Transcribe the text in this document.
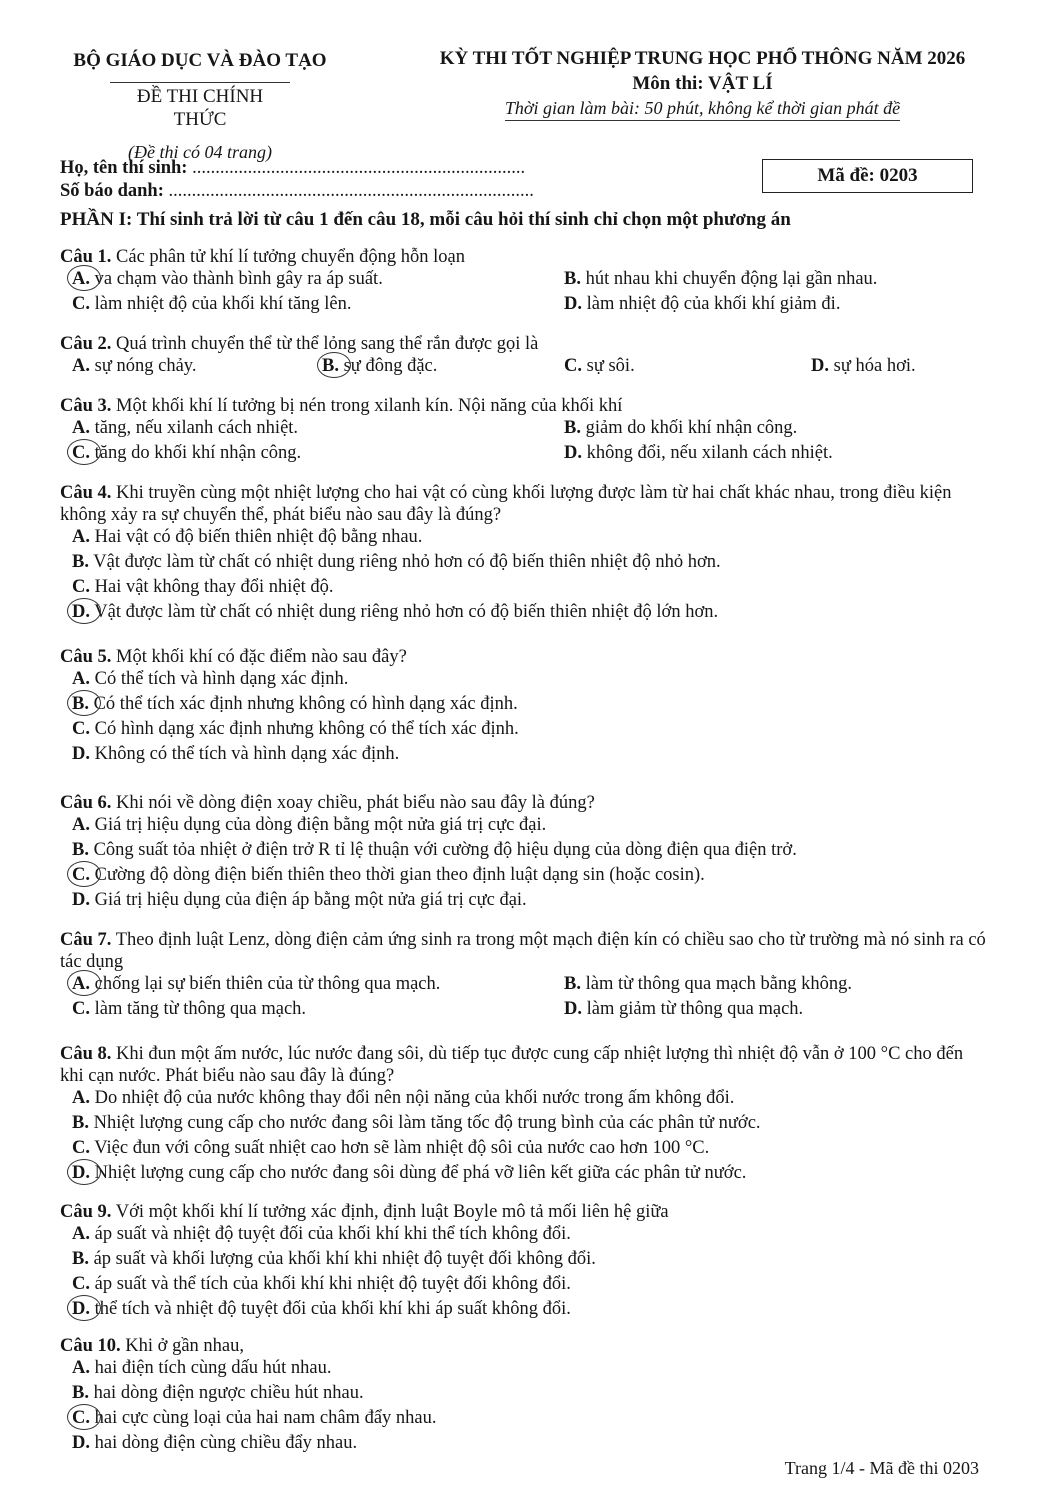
BỘ GIÁO DỤC VÀ ĐÀO TẠO
ĐỀ THI CHÍNH THỨC
(Đề thi có 04 trang)
KỲ THI TỐT NGHIỆP TRUNG HỌC PHỔ THÔNG NĂM 2026
Môn thi: VẬT LÍ
Thời gian làm bài: 50 phút, không kể thời gian phát đề
Họ, tên thí sinh: ........................................................................
Số báo danh: ...............................................................................
Mã đề: 0203
PHẦN I: Thí sinh trả lời từ câu 1 đến câu 18, mỗi câu hỏi thí sinh chỉ chọn một phương án
Câu 1. Các phân tử khí lí tưởng chuyển động hỗn loạn
A. va chạm vào thành bình gây ra áp suất.	B. hút nhau khi chuyển động lại gần nhau.
C. làm nhiệt độ của khối khí tăng lên.	D. làm nhiệt độ của khối khí giảm đi.
Câu 2. Quá trình chuyển thể từ thể lỏng sang thể rắn được gọi là
A. sự nóng chảy.	B. sự đông đặc.	C. sự sôi.	D. sự hóa hơi.
Câu 3. Một khối khí lí tưởng bị nén trong xilanh kín. Nội năng của khối khí
A. tăng, nếu xilanh cách nhiệt.	B. giảm do khối khí nhận công.
C. tăng do khối khí nhận công.	D. không đổi, nếu xilanh cách nhiệt.
Câu 4. Khi truyền cùng một nhiệt lượng cho hai vật có cùng khối lượng được làm từ hai chất khác nhau, trong điều kiện không xảy ra sự chuyển thể, phát biểu nào sau đây là đúng?
A. Hai vật có độ biến thiên nhiệt độ bằng nhau.
B. Vật được làm từ chất có nhiệt dung riêng nhỏ hơn có độ biến thiên nhiệt độ nhỏ hơn.
C. Hai vật không thay đổi nhiệt độ.
D. Vật được làm từ chất có nhiệt dung riêng nhỏ hơn có độ biến thiên nhiệt độ lớn hơn.
Câu 5. Một khối khí có đặc điểm nào sau đây?
A. Có thể tích và hình dạng xác định.
B. Có thể tích xác định nhưng không có hình dạng xác định.
C. Có hình dạng xác định nhưng không có thể tích xác định.
D. Không có thể tích và hình dạng xác định.
Câu 6. Khi nói về dòng điện xoay chiều, phát biểu nào sau đây là đúng?
A. Giá trị hiệu dụng của dòng điện bằng một nửa giá trị cực đại.
B. Công suất tỏa nhiệt ở điện trở R tỉ lệ thuận với cường độ hiệu dụng của dòng điện qua điện trở.
C. Cường độ dòng điện biến thiên theo thời gian theo định luật dạng sin (hoặc cosin).
D. Giá trị hiệu dụng của điện áp bằng một nửa giá trị cực đại.
Câu 7. Theo định luật Lenz, dòng điện cảm ứng sinh ra trong một mạch điện kín có chiều sao cho từ trường mà nó sinh ra có tác dụng
A. chống lại sự biến thiên của từ thông qua mạch.	B. làm từ thông qua mạch bằng không.
C. làm tăng từ thông qua mạch.	D. làm giảm từ thông qua mạch.
Câu 8. Khi đun một ấm nước, lúc nước đang sôi, dù tiếp tục được cung cấp nhiệt lượng thì nhiệt độ vẫn ở 100 °C cho đến khi cạn nước. Phát biểu nào sau đây là đúng?
A. Do nhiệt độ của nước không thay đổi nên nội năng của khối nước trong ấm không đổi.
B. Nhiệt lượng cung cấp cho nước đang sôi làm tăng tốc độ trung bình của các phân tử nước.
C. Việc đun với công suất nhiệt cao hơn sẽ làm nhiệt độ sôi của nước cao hơn 100 °C.
D. Nhiệt lượng cung cấp cho nước đang sôi dùng để phá vỡ liên kết giữa các phân tử nước.
Câu 9. Với một khối khí lí tưởng xác định, định luật Boyle mô tả mối liên hệ giữa
A. áp suất và nhiệt độ tuyệt đối của khối khí khi thể tích không đổi.
B. áp suất và khối lượng của khối khí khi nhiệt độ tuyệt đối không đổi.
C. áp suất và thể tích của khối khí khi nhiệt độ tuyệt đối không đổi.
D. thể tích và nhiệt độ tuyệt đối của khối khí khi áp suất không đổi.
Câu 10. Khi ở gần nhau,
A. hai điện tích cùng dấu hút nhau.
B. hai dòng điện ngược chiều hút nhau.
C. hai cực cùng loại của hai nam châm đẩy nhau.
D. hai dòng điện cùng chiều đẩy nhau.
Trang 1/4 - Mã đề thi 0203
